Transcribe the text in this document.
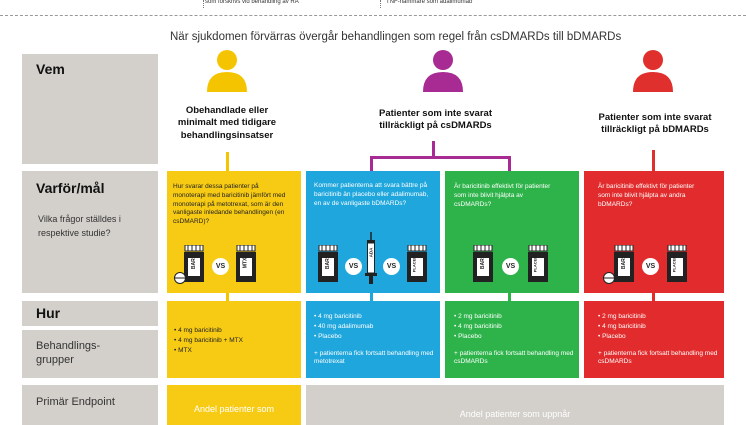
som förskrivs vid behandling av RA	TNF-hämmare som adalimumab
När sjukdomen förvärras övergår behandlingen som regel från csDMARDs till bDMARDs
Vem
Varför/mål
Vilka frågor ställdes i respektive studie?
Hur
Behandlings-grupper
Primär Endpoint
Obehandlade eller minimalt med tidigare behandlingsinsatser
Patienter som inte svarat tillräckligt på csDMARDs
Patienter som inte svarat tillräckligt på bDMARDs
Hur svarar dessa patienter på monoterapi med baricitinib jämfört med monoterapi på metotrexat, som är den vanligaste inledande behandlingen (en csDMARD)?
Kommer patienterna att svara bättre på baricitinib än placebo eller adalimumab, en av de vanligaste bDMARDs?
Är baricitinib effektivt för patienter som inte blivit hjälpta av csDMARDs?
Är baricitinib effektivt för patienter som inte blivit hjälpta av andra bDMARDs?
BARI	VS	MTX	BARI	VS
ADA
VS	PLACEBO	BARI	VS	PLACEBO	BARI	VS	PLACEBO
• 4 mg baricitinib
• 4 mg baricitinib + MTX
• MTX
• 4 mg baricitinib
• 40 mg adalimumab
• Placebo
+ patienterna fick fortsatt behandling med metotrexat
• 2 mg baricitinib
• 4 mg baricitinib
• Placebo
+ patienterna fick fortsatt behandling med csDMARDs
• 2 mg baricitinib
• 4 mg baricitinib
• Placebo
+ patienterna fick fortsatt behandling med csDMARDs
Andel patienter som	Andel patienter som uppnår
